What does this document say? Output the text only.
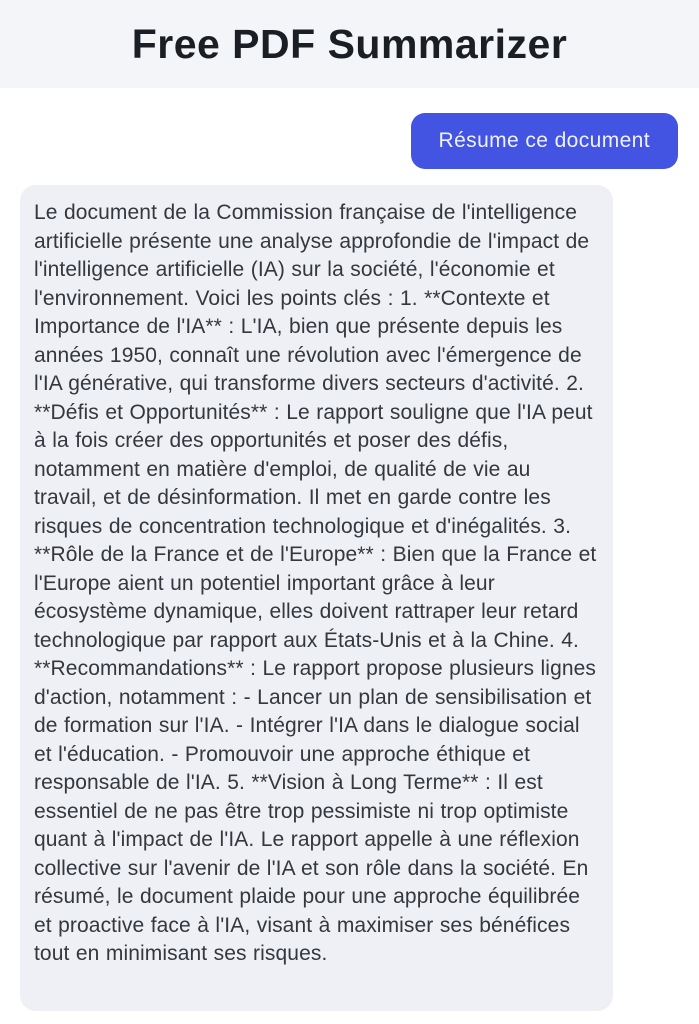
Free PDF Summarizer
Résume ce document

Le document de la Commission française de l'intelligence artificielle présente une analyse approfondie de l'impact de l'intelligence artificielle (IA) sur la société, l'économie et l'environnement. Voici les points clés : 1. **Contexte et Importance de l'IA** : L'IA, bien que présente depuis les années 1950, connaît une révolution avec l'émergence de l'IA générative, qui transforme divers secteurs d'activité. 2. **Défis et Opportunités** : Le rapport souligne que l'IA peut à la fois créer des opportunités et poser des défis, notamment en matière d'emploi, de qualité de vie au travail, et de désinformation. Il met en garde contre les risques de concentration technologique et d'inégalités. 3. **Rôle de la France et de l'Europe** : Bien que la France et l'Europe aient un potentiel important grâce à leur écosystème dynamique, elles doivent rattraper leur retard technologique par rapport aux États-Unis et à la Chine. 4. **Recommandations** : Le rapport propose plusieurs lignes d'action, notamment : - Lancer un plan de sensibilisation et de formation sur l'IA. - Intégrer l'IA dans le dialogue social et l'éducation. - Promouvoir une approche éthique et responsable de l'IA. 5. **Vision à Long Terme** : Il est essentiel de ne pas être trop pessimiste ni trop optimiste quant à l'impact de l'IA. Le rapport appelle à une réflexion collective sur l'avenir de l'IA et son rôle dans la société. En résumé, le document plaide pour une approche équilibrée et proactive face à l'IA, visant à maximiser ses bénéfices tout en minimisant ses risques.
